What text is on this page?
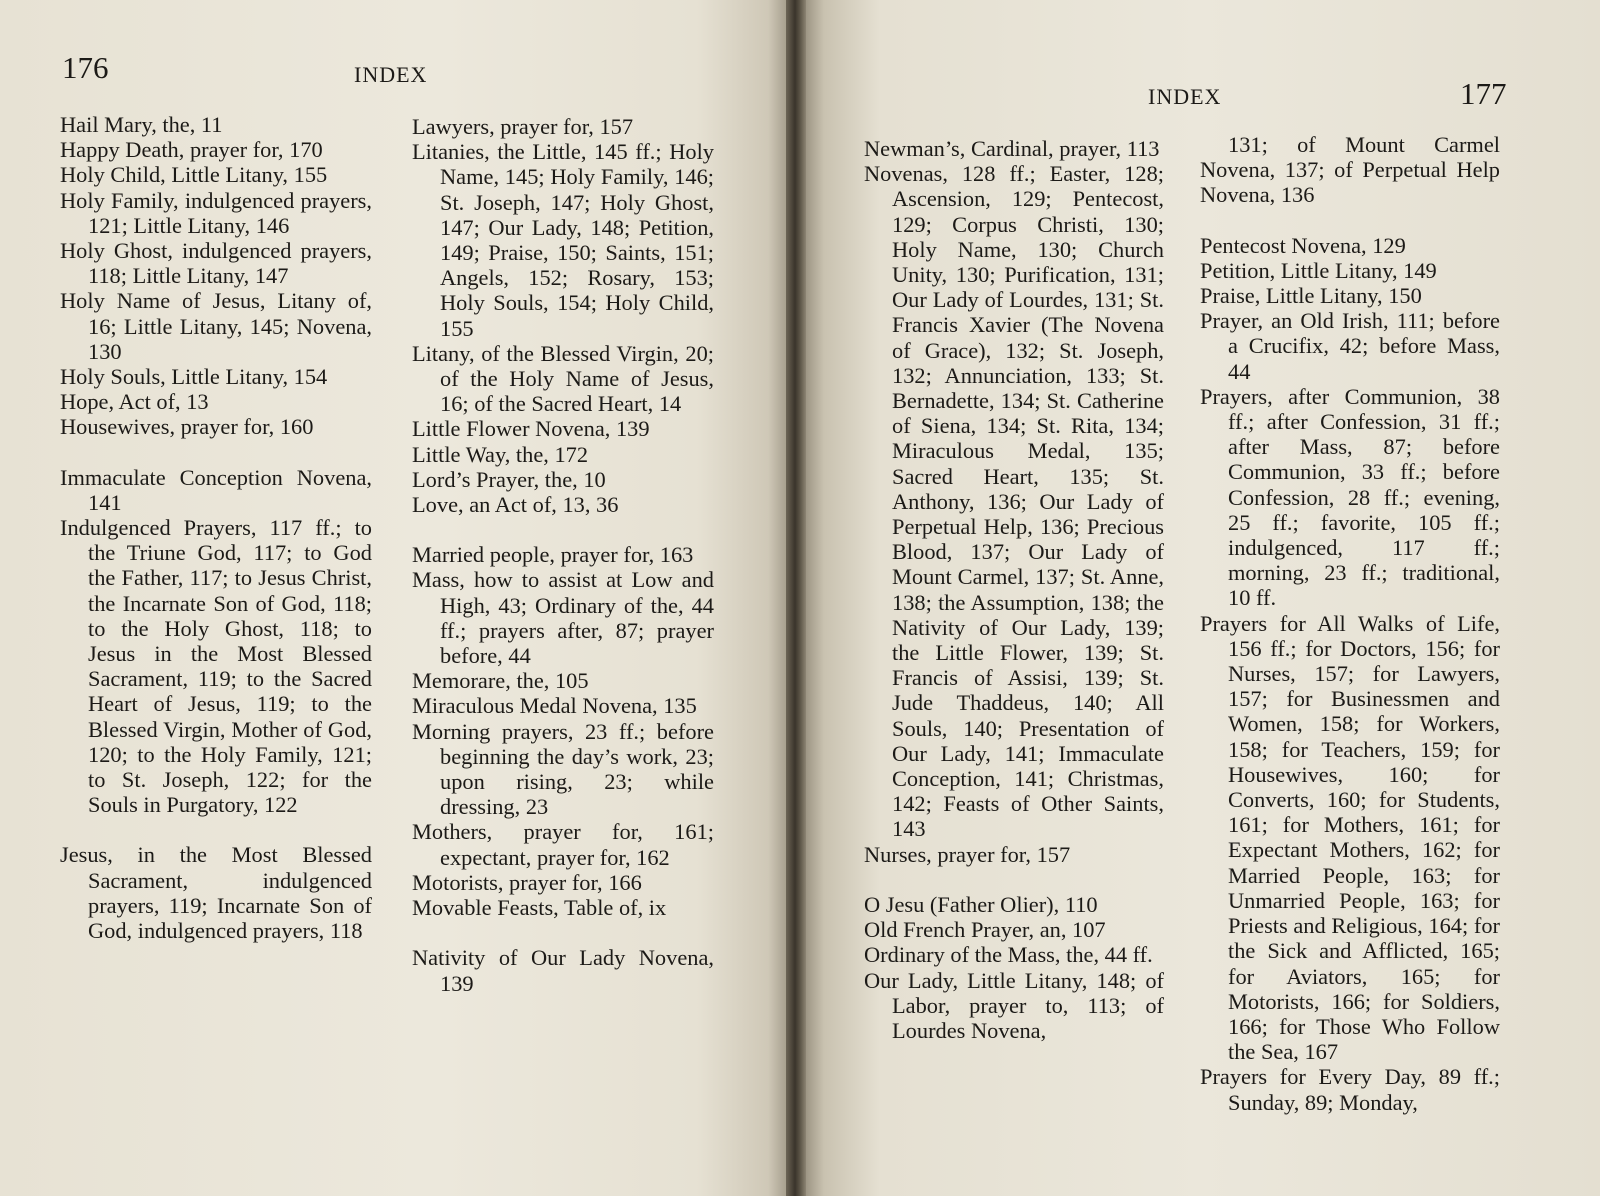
176	INDEX
Hail Mary, the, 11
Happy Death, prayer for, 170
Holy Child, Little Litany, 155
Holy Family, indulgenced prayers, 121; Little Litany, 146
Holy Ghost, indulgenced prayers, 118; Little Litany, 147
Holy Name of Jesus, Litany of, 16; Little Litany, 145; Novena, 130
Holy Souls, Little Litany, 154
Hope, Act of, 13
Housewives, prayer for, 160
Immaculate Conception Novena, 141
Indulgenced Prayers, 117 ff.; to the Triune God, 117; to God the Father, 117; to Jesus Christ, the Incarnate Son of God, 118; to the Holy Ghost, 118; to Jesus in the Most Blessed Sacrament, 119; to the Sacred Heart of Jesus, 119; to the Blessed Virgin, Mother of God, 120; to the Holy Family, 121; to St. Joseph, 122; for the Souls in Purgatory, 122
Jesus, in the Most Blessed Sacrament, indulgenced prayers, 119; Incarnate Son of God, indulgenced prayers, 118
Lawyers, prayer for, 157
Litanies, the Little, 145 ff.; Holy Name, 145; Holy Family, 146; St. Joseph, 147; Holy Ghost, 147; Our Lady, 148; Petition, 149; Praise, 150; Saints, 151; Angels, 152; Rosary, 153; Holy Souls, 154; Holy Child, 155
Litany, of the Blessed Virgin, 20; of the Holy Name of Jesus, 16; of the Sacred Heart, 14
Little Flower Novena, 139
Little Way, the, 172
Lord’s Prayer, the, 10
Love, an Act of, 13, 36
Married people, prayer for, 163
Mass, how to assist at Low and High, 43; Ordinary of the, 44 ff.; prayers after, 87; prayer before, 44
Memorare, the, 105
Miraculous Medal Novena, 135
Morning prayers, 23 ff.; before beginning the day’s work, 23; upon rising, 23; while dressing, 23
Mothers, prayer for, 161; expectant, prayer for, 162
Motorists, prayer for, 166
Movable Feasts, Table of, ix
Nativity of Our Lady Novena, 139
INDEX	177
Newman’s, Cardinal, prayer, 113
Novenas, 128 ff.; Easter, 128; Ascension, 129; Pentecost, 129; Corpus Christi, 130; Holy Name, 130; Church Unity, 130; Purification, 131; Our Lady of Lourdes, 131; St. Francis Xavier (The Novena of Grace), 132; St. Joseph, 132; Annunciation, 133; St. Bernadette, 134; St. Catherine of Siena, 134; St. Rita, 134; Miraculous Medal, 135; Sacred Heart, 135; St. Anthony, 136; Our Lady of Perpetual Help, 136; Precious Blood, 137; Our Lady of Mount Carmel, 137; St. Anne, 138; the Assumption, 138; the Nativity of Our Lady, 139; the Little Flower, 139; St. Francis of Assisi, 139; St. Jude Thaddeus, 140; All Souls, 140; Presentation of Our Lady, 141; Immaculate Conception, 141; Christmas, 142; Feasts of Other Saints, 143
Nurses, prayer for, 157
O Jesu (Father Olier), 110
Old French Prayer, an, 107
Ordinary of the Mass, the, 44 ff.
Our Lady, Little Litany, 148; of Labor, prayer to, 113; of Lourdes Novena,
131; of Mount Carmel Novena, 137; of Perpetual Help Novena, 136
Pentecost Novena, 129
Petition, Little Litany, 149
Praise, Little Litany, 150
Prayer, an Old Irish, 111; before a Crucifix, 42; before Mass, 44
Prayers, after Communion, 38 ff.; after Confession, 31 ff.; after Mass, 87; before Communion, 33 ff.; before Confession, 28 ff.; evening, 25 ff.; favorite, 105 ff.; indulgenced, 117 ff.; morning, 23 ff.; traditional, 10 ff.
Prayers for All Walks of Life, 156 ff.; for Doctors, 156; for Nurses, 157; for Lawyers, 157; for Businessmen and Women, 158; for Workers, 158; for Teachers, 159; for Housewives, 160; for Converts, 160; for Students, 161; for Mothers, 161; for Expectant Mothers, 162; for Married People, 163; for Unmarried People, 163; for Priests and Religious, 164; for the Sick and Afflicted, 165; for Aviators, 165; for Motorists, 166; for Soldiers, 166; for Those Who Follow the Sea, 167
Prayers for Every Day, 89 ff.; Sunday, 89; Monday,
